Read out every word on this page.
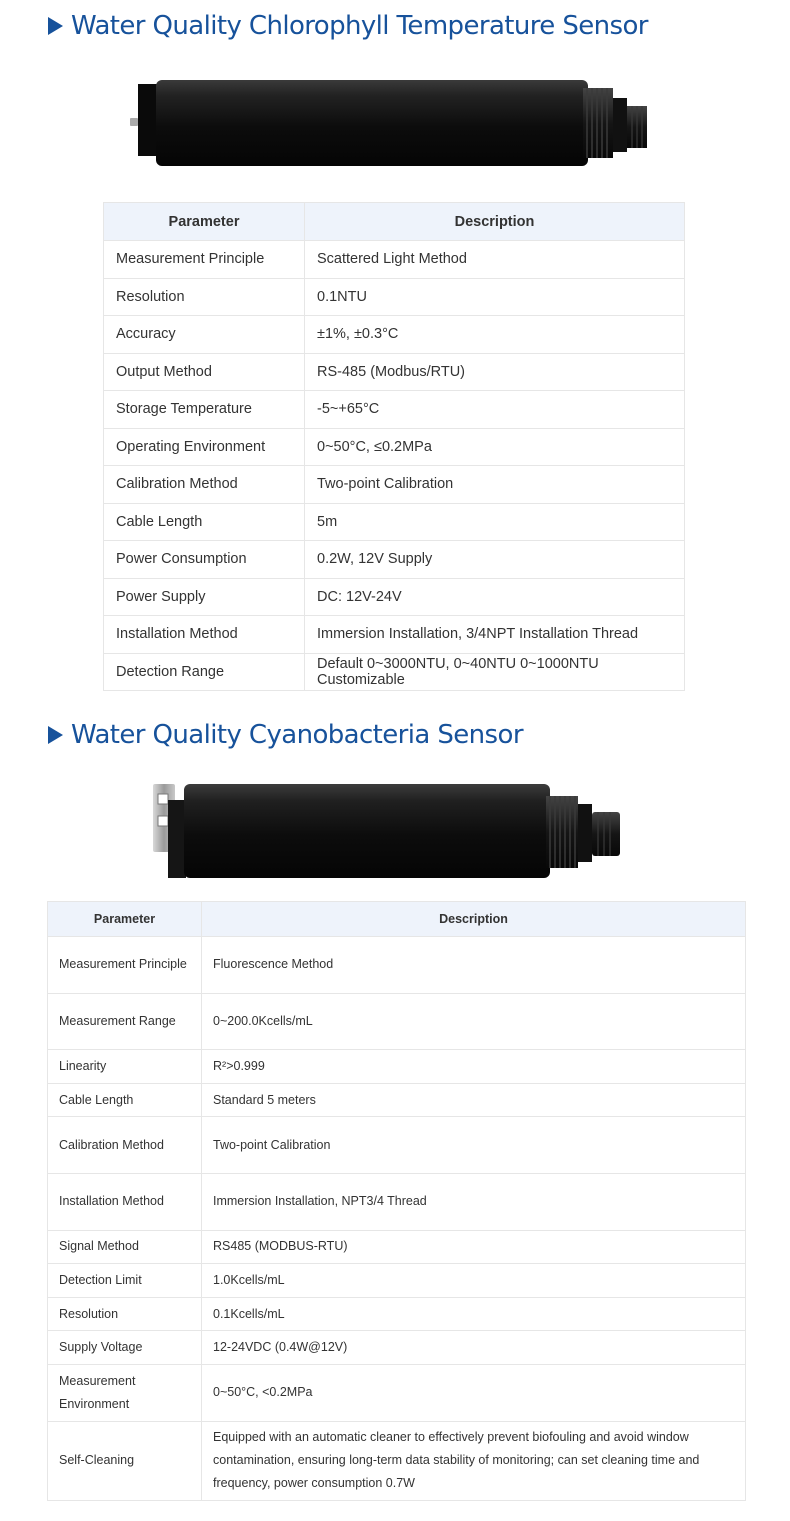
Water Quality Chlorophyll Temperature Sensor
Parameter	Description
Measurement Principle	Scattered Light Method
Resolution	0.1NTU
Accuracy	±1%, ±0.3°C
Output Method	RS-485 (Modbus/RTU)
Storage Temperature	-5~+65°C
Operating Environment	0~50°C, ≤0.2MPa
Calibration Method	Two-point Calibration
Cable Length	5m
Power Consumption	0.2W, 12V Supply
Power Supply	DC: 12V-24V
Installation Method	Immersion Installation, 3/4NPT Installation Thread
Detection Range	Default 0~3000NTU, 0~40NTU 0~1000NTU Customizable
Water Quality Cyanobacteria Sensor
Parameter	Description
Measurement Principle	Fluorescence Method
Measurement Range	0~200.0Kcells/mL
Linearity	R²>0.999
Cable Length	Standard 5 meters
Calibration Method	Two-point Calibration
Installation Method	Immersion Installation, NPT3/4 Thread
Signal Method	RS485 (MODBUS-RTU)
Detection Limit	1.0Kcells/mL
Resolution	0.1Kcells/mL
Supply Voltage	12-24VDC (0.4W@12V)
Measurement Environment	0~50°C, <0.2MPa
Self-Cleaning	Equipped with an automatic cleaner to effectively prevent biofouling and avoid window contamination, ensuring long-term data stability of monitoring; can set cleaning time and frequency, power consumption 0.7W
